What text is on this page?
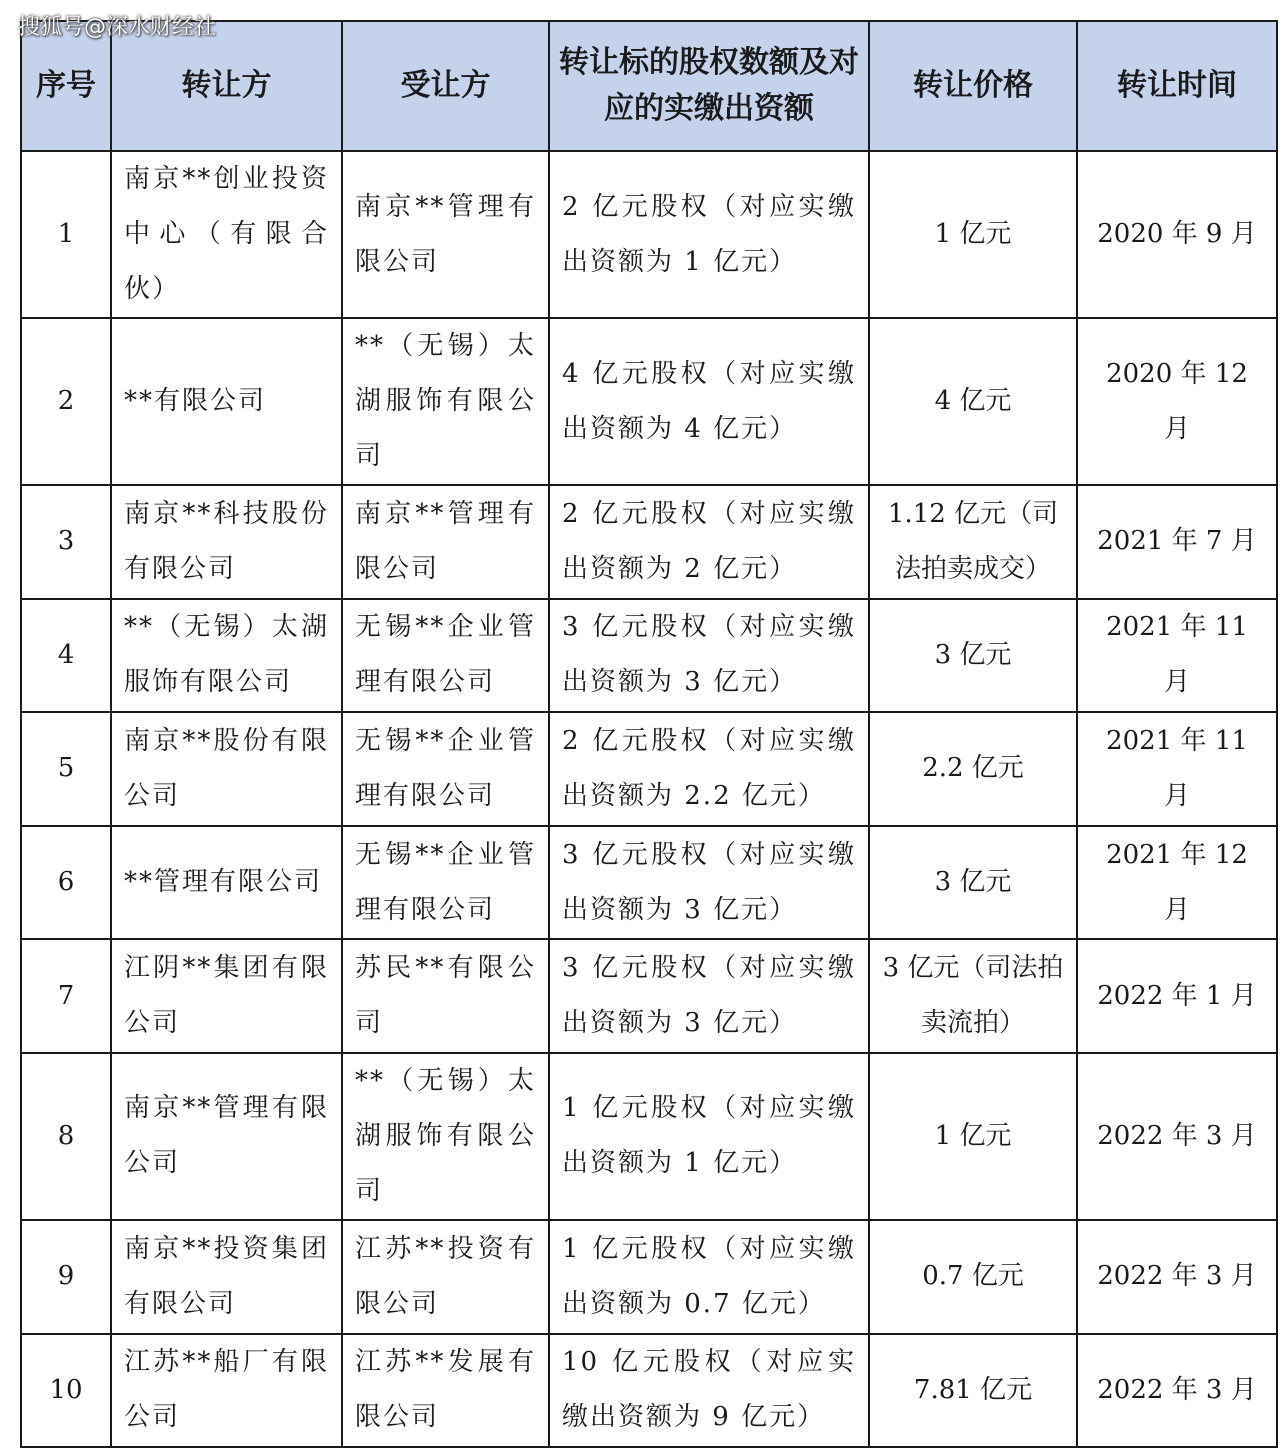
搜狐号@深水财经社
序号	转让方	受让方	转让标的股权数额及对应的实缴出资额	转让价格	转让时间
1	南京**创业投资中心（有限合伙）	南京**管理有限公司	2 亿元股权（对应实缴出资额为 1 亿元）	1 亿元	2020 年 9 月
2	**有限公司	**（无锡）太湖服饰有限公司	4 亿元股权（对应实缴出资额为 4 亿元）	4 亿元	2020 年 12 月
3	南京**科技股份有限公司	南京**管理有限公司	2 亿元股权（对应实缴出资额为 2 亿元）	1.12 亿元（司法拍卖成交）	2021 年 7 月
4	**（无锡）太湖服饰有限公司	无锡**企业管理有限公司	3 亿元股权（对应实缴出资额为 3 亿元）	3 亿元	2021 年 11 月
5	南京**股份有限公司	无锡**企业管理有限公司	2 亿元股权（对应实缴出资额为 2.2 亿元）	2.2 亿元	2021 年 11 月
6	**管理有限公司	无锡**企业管理有限公司	3 亿元股权（对应实缴出资额为 3 亿元）	3 亿元	2021 年 12 月
7	江阴**集团有限公司	苏民**有限公司	3 亿元股权（对应实缴出资额为 3 亿元）	3 亿元（司法拍卖流拍）	2022 年 1 月
8	南京**管理有限公司	**（无锡）太湖服饰有限公司	1 亿元股权（对应实缴出资额为 1 亿元）	1 亿元	2022 年 3 月
9	南京**投资集团有限公司	江苏**投资有限公司	1 亿元股权（对应实缴出资额为 0.7 亿元）	0.7 亿元	2022 年 3 月
10	江苏**船厂有限公司	江苏**发展有限公司	10 亿元股权（对应实缴出资额为 9 亿元）	7.81 亿元	2022 年 3 月
